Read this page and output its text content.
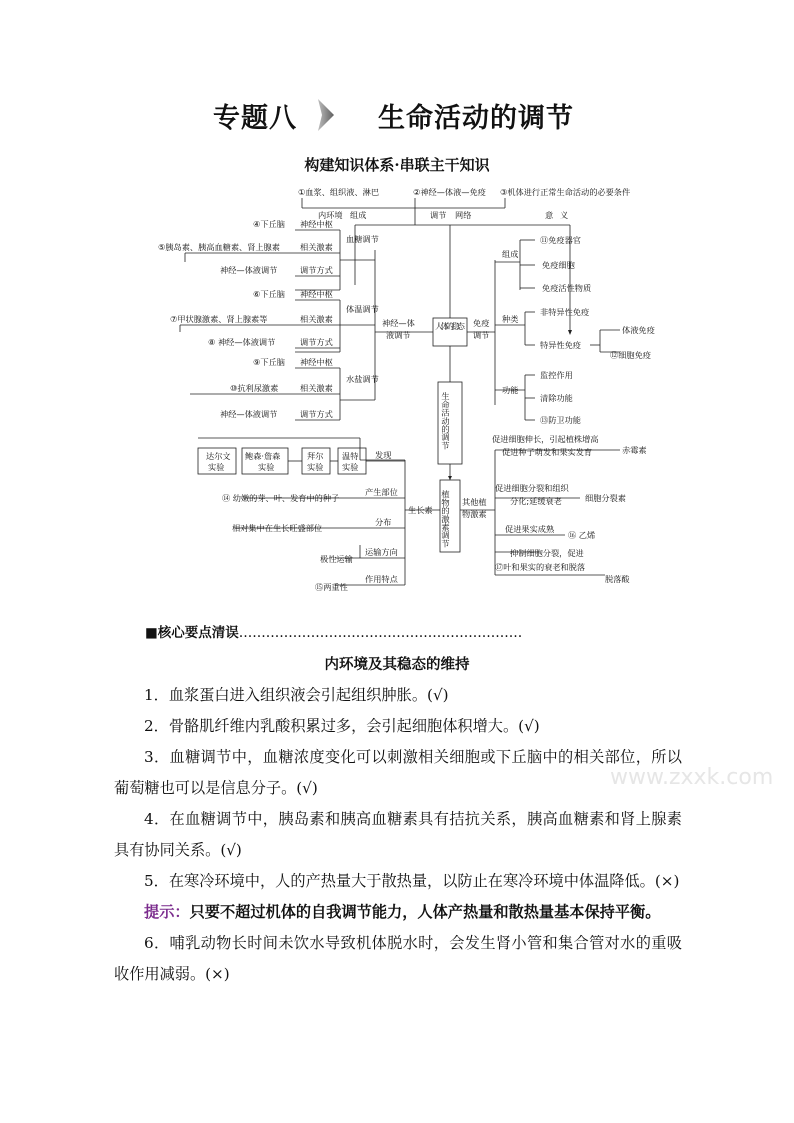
专题八	生命活动的调节
构建知识体系·串联主干知识
①血浆、组织液、淋巴	②神经—体液—免疫 ③机体进行正常生命活动的必要条件
内环境 组成	调节 网络	意 义
人体的稳态
神经—体
液调节
免疫
调节
生命活动的调节
植物的激素调节
血糖调节
④下丘脑 神经中枢
⑤胰岛素、胰高血糖素、肾上腺素 相关激素
神经—体液调节	调节方式
体温调节
⑥下丘脑 神经中枢
⑦甲状腺激素、肾上腺素等	相关激素
⑧ 神经—体液调节	调节方式
水盐调节
⑨下丘脑 神经中枢
⑩抗利尿激素	相关激素
神经—体液调节	调节方式
组成
⑪免疫器官
免疫细胞
免疫活性物质
种类
非特异性免疫
特异性免疫
体液免疫
⑫细胞免疫
功能
监控作用
清除功能
⑬防卫功能
达尔文
实验
鲍森·詹森
实验
拜尔
实验
温特
实验
发现
⑭ 幼嫩的芽、叶、发育中的种子
产生部位
相对集中在生长旺盛部位
分布
极性运输
运输方向
⑮两重性
作用特点
生长素
其他植
物激素
促进细胞伸长，引起植株增高
促进种子萌发和果实发育	赤霉素
促进细胞分裂和组织
分化;延缓衰老	细胞分裂素
促进果实成熟
⑯ 乙烯
抑制细胞分裂，促进
⑰叶和果实的衰老和脱落
脱落酸
■核心要点清误………………………………………………………
内环境及其稳态的维持

1．血浆蛋白进入组织液会引起组织肿胀。(√)

2．骨骼肌纤维内乳酸积累过多，会引起细胞体积增大。(√)

3．血糖调节中，血糖浓度变化可以刺激相关细胞或下丘脑中的相关部位，所以葡萄糖也可以是信息分子。(√)

4．在血糖调节中，胰岛素和胰高血糖素具有拮抗关系，胰高血糖素和肾上腺素具有协同关系。(√)

5．在寒冷环境中，人的产热量大于散热量，以防止在寒冷环境中体温降低。(×)

提示：只要不超过机体的自我调节能力，人体产热量和散热量基本保持平衡。

6．哺乳动物长时间未饮水导致机体脱水时，会发生肾小管和集合管对水的重吸收作用减弱。(×)

www.zxxk.com
